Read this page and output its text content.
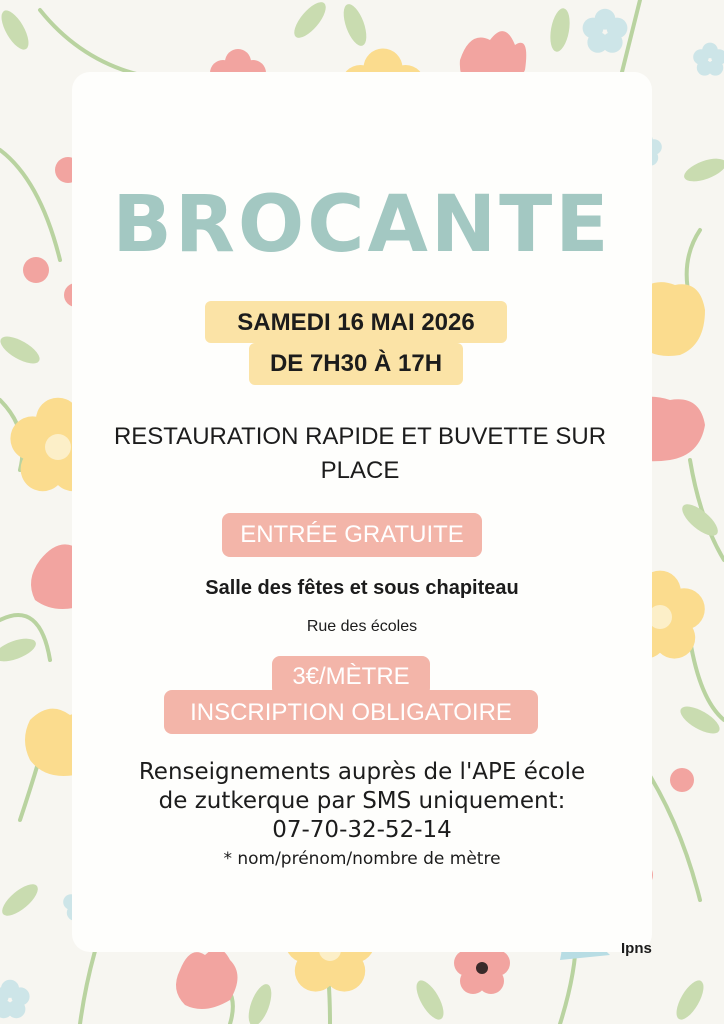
BROCANTE
SAMEDI 16 MAI 2026
DE 7H30 À 17H
RESTAURATION RAPIDE ET BUVETTE SUR PLACE
ENTRÉE GRATUITE
Salle des fêtes et sous chapiteau
Rue des écoles
3€/MÈTRE
INSCRIPTION OBLIGATOIRE
Renseignements auprès de l'APE école
de zutkerque par SMS uniquement:
07-70-32-52-14
* nom/prénom/nombre de mètre
Ipns
